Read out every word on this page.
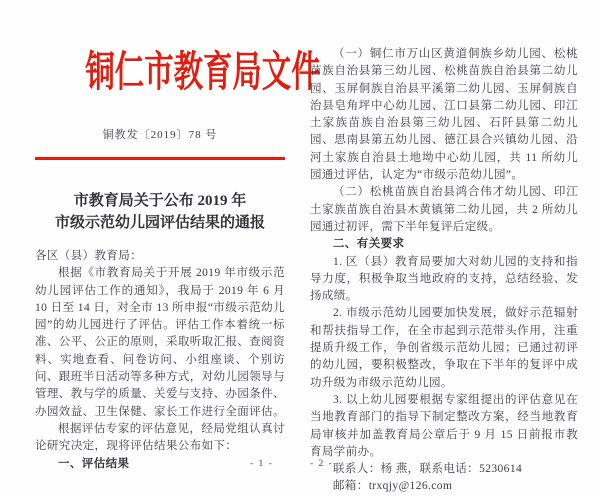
铜仁市教育局文件
铜教发〔2019〕78 号
市教育局关于公布 2019 年
市级示范幼儿园评估结果的通报

各区（县）教育局：

根据《市教育局关于开展 2019 年市级示范幼儿园评估工作的通知》，我局于 2019 年 6 月 10 日至 14 日，对全市 13 所申报“市级示范幼儿园”的幼儿园进行了评估。评估工作本着统一标准、公平、公正的原则，采取听取汇报、查阅资料、实地查看、问卷访问、小组座谈、个别访问、跟班半日活动等多种方式，对幼儿园领导与管理、教与学的质量、关爱与支持、办园条件、办园效益、卫生保健、家长工作进行全面评估。

根据评估专家的评估意见，经局党组认真讨论研究决定，现将评估结果公布如下：

一、评估结果

（一）铜仁市万山区黄道侗族乡幼儿园、松桃苗族自治县第三幼儿园、松桃苗族自治县第二幼儿园、玉屏侗族自治县平溪第二幼儿园、玉屏侗族自治县皂角坪中心幼儿园、江口县第二幼儿园、印江土家族苗族自治县第三幼儿园、石阡县第二幼儿园、思南县第五幼儿园、德江县合兴镇幼儿园、沿河土家族自治县土地坳中心幼儿园，共 11 所幼儿园通过评估，认定为“市级示范幼儿园”。

（二）松桃苗族自治县鸿合伟才幼儿园、印江土家族苗族自治县木黄镇第二幼儿园，共 2 所幼儿园通过初评，需下半年复评后定级。

二、有关要求

1. 区（县）教育局要加大对幼儿园的支持和指导力度，积极争取当地政府的支持，总结经验、发扬成绩。

2. 市级示范幼儿园要加快发展，做好示范辐射和帮扶指导工作，在全市起到示范带头作用，注重提质升级工作，争创省级示范幼儿园；已通过初评的幼儿园，要积极整改，争取在下半年的复评中成功升级为市级示范幼儿园。

3. 以上幼儿园要根据专家组提出的评估意见在当地教育部门的指导下制定整改方案，经当地教育局审核并加盖教育局公章后于 9 月 15 日前报市教育局学前办。

联系人：杨 燕，联系电话：5230614

邮箱：trxqjy@126.com

- 1 -	- 2 -
